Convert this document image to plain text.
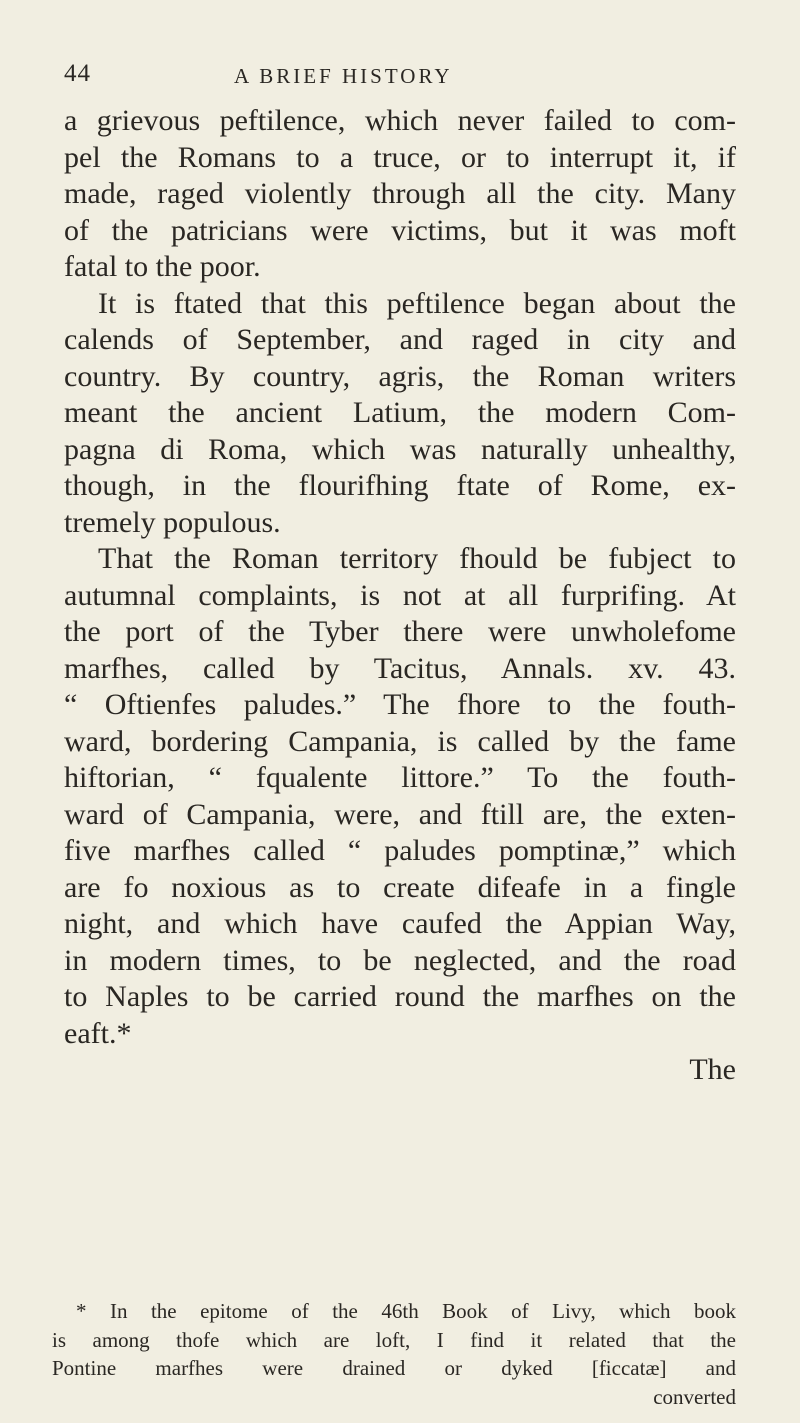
44	A BRIEF HISTORY
a grievous peftilence, which never failed to com-
pel the Romans to a truce, or to interrupt it, if
made, raged violently through all the city. Many
of the patricians were victims, but it was moft
fatal to the poor.
It is ftated that this peftilence began about the
calends of September, and raged in city and
country. By country, agris, the Roman writers
meant the ancient Latium, the modern Com-
pagna di Roma, which was naturally unhealthy,
though, in the flourifhing ftate of Rome, ex-
tremely populous.
That the Roman territory fhould be fubject to
autumnal complaints, is not at all furprifing. At
the port of the Tyber there were unwholefome
marfhes, called by Tacitus, Annals. xv. 43.
“ Oftienfes paludes.” The fhore to the fouth-
ward, bordering Campania, is called by the fame
hiftorian, “ fqualente littore.” To the fouth-
ward of Campania, were, and ftill are, the exten-
five marfhes called “ paludes pomptinæ,” which
are fo noxious as to create difeafe in a fingle
night, and which have caufed the Appian Way,
in modern times, to be neglected, and the road
to Naples to be carried round the marfhes on the
eaft.*
The
* In the epitome of the 46th Book of Livy, which book
is among thofe which are loft, I find it related that the
Pontine marfhes were drained or dyked [ficcatæ] and
converted
